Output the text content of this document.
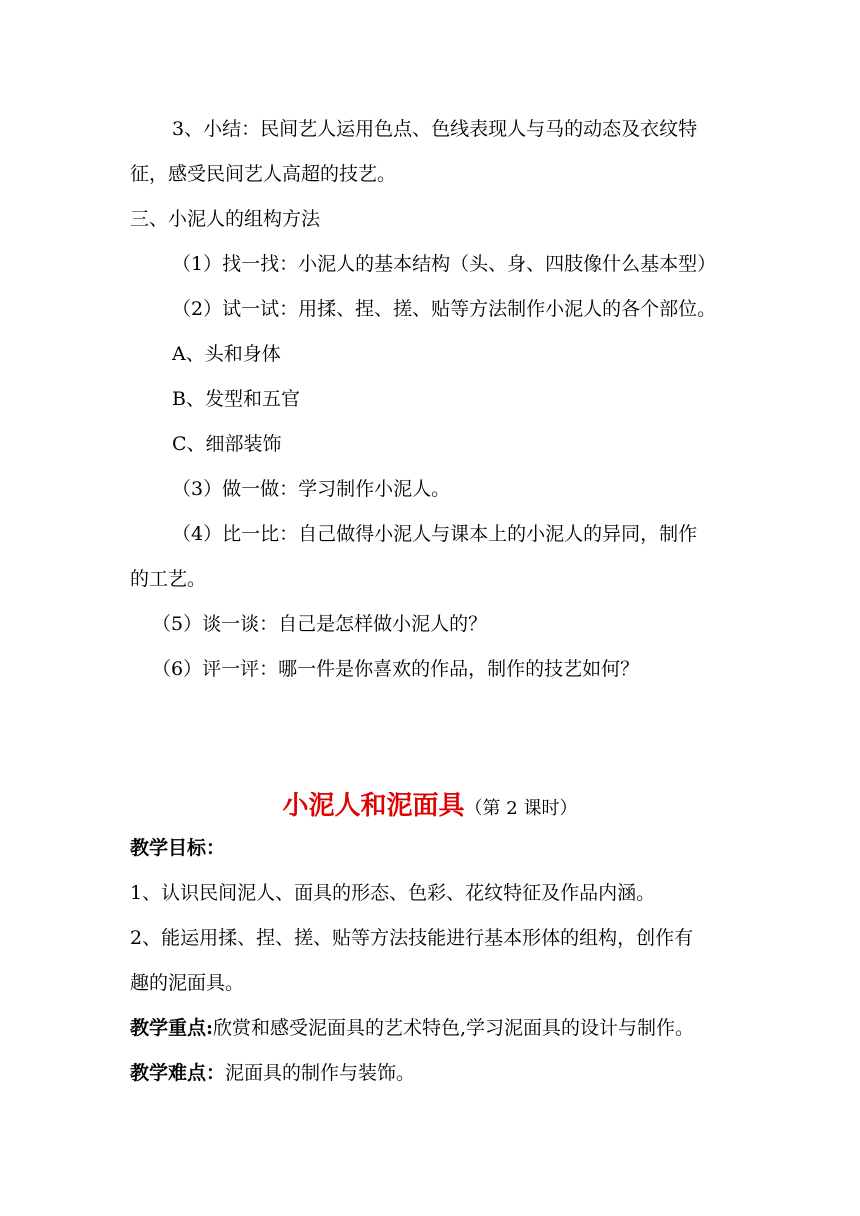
3、小结：民间艺人运用色点、色线表现人与马的动态及衣纹特
征，感受民间艺人高超的技艺。
三、小泥人的组构方法
（1）找一找：小泥人的基本结构（头、身、四肢像什么基本型）
（2）试一试：用揉、捏、搓、贴等方法制作小泥人的各个部位。
A、头和身体
B、发型和五官
C、细部装饰
（3）做一做：学习制作小泥人。
（4）比一比：自己做得小泥人与课本上的小泥人的异同，制作
的工艺。
（5）谈一谈：自己是怎样做小泥人的？
（6）评一评：哪一件是你喜欢的作品，制作的技艺如何？
小泥人和泥面具（第 2 课时）
教学目标：
1、认识民间泥人、面具的形态、色彩、花纹特征及作品内涵。
2、能运用揉、捏、搓、贴等方法技能进行基本形体的组构，创作有
趣的泥面具。
教学重点:欣赏和感受泥面具的艺术特色,学习泥面具的设计与制作。
教学难点：泥面具的制作与装饰。
